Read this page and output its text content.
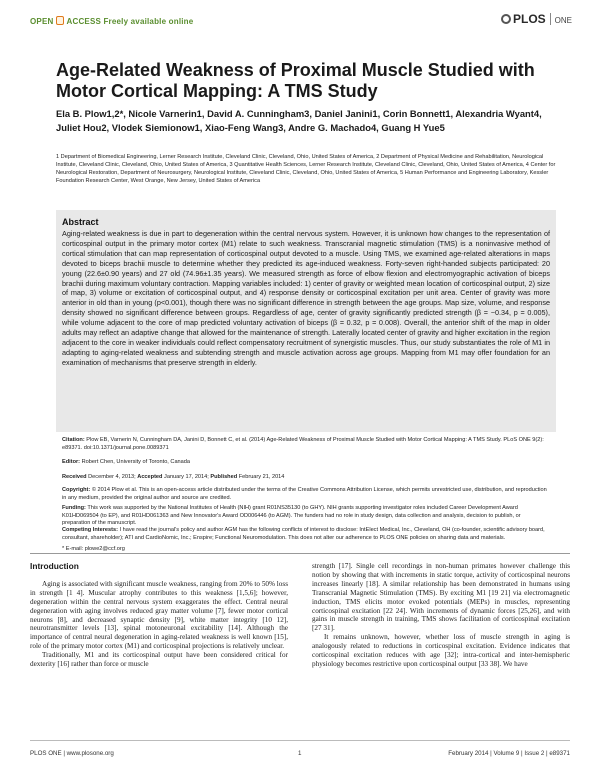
OPEN ACCESS Freely available online	PLOS ONE
Age-Related Weakness of Proximal Muscle Studied with Motor Cortical Mapping: A TMS Study
Ela B. Plow1,2*, Nicole Varnerin1, David A. Cunningham3, Daniel Janini1, Corin Bonnett1, Alexandria Wyant4, Juliet Hou2, Vlodek Siemionow1, Xiao-Feng Wang3, Andre G. Machado4, Guang H Yue5
1 Department of Biomedical Engineering, Lerner Research Institute, Cleveland Clinic, Cleveland, Ohio, United States of America, 2 Department of Physical Medicine and Rehabilitation, Neurological Institute, Cleveland Clinic, Cleveland, Ohio, United States of America, 3 Quantitative Health Sciences, Lerner Research Institute, Cleveland Clinic, Cleveland, Ohio, United States of America, 4 Center for Neurological Restoration, Department of Neurosurgery, Neurological Institute, Cleveland Clinic, Cleveland, Ohio, United States of America, 5 Human Performance and Engineering Laboratory, Kessler Foundation Research Center, West Orange, New Jersey, United States of America
Abstract
Aging-related weakness is due in part to degeneration within the central nervous system. However, it is unknown how changes to the representation of corticospinal output in the primary motor cortex (M1) relate to such weakness. Transcranial magnetic stimulation (TMS) is a noninvasive method of cortical stimulation that can map representation of corticospinal output devoted to a muscle. Using TMS, we examined age-related alterations in maps devoted to biceps brachii muscle to determine whether they predicted its age-induced weakness. Forty-seven right-handed subjects participated: 20 young (22.6±0.90 years) and 27 old (74.96±1.35 years). We measured strength as force of elbow flexion and electromyographic activation of biceps brachii during maximum voluntary contraction. Mapping variables included: 1) center of gravity or weighted mean location of corticospinal output, 2) size of map, 3) volume or excitation of corticospinal output, and 4) response density or corticospinal excitation per unit area. Center of gravity was more anterior in old than in young (p<0.001), though there was no significant difference in strength between the age groups. Map size, volume, and response density showed no significant difference between groups. Regardless of age, center of gravity significantly predicted strength (β = −0.34, p = 0.005), while volume adjacent to the core of map predicted voluntary activation of biceps (β = 0.32, p = 0.008). Overall, the anterior shift of the map in older adults may reflect an adaptive change that allowed for the maintenance of strength. Laterally located center of gravity and higher excitation in the region adjacent to the core in weaker individuals could reflect compensatory recruitment of synergistic muscles. Thus, our study substantiates the role of M1 in adapting to aging-related weakness and subtending strength and muscle activation across age groups. Mapping from M1 may offer foundation for an examination of mechanisms that preserve strength in elderly.
Citation: Plow EB, Varnerin N, Cunningham DA, Janini D, Bonnett C, et al. (2014) Age-Related Weakness of Proximal Muscle Studied with Motor Cortical Mapping: A TMS Study. PLoS ONE 9(2): e89371. doi:10.1371/journal.pone.0089371
Editor: Robert Chen, University of Toronto, Canada
Received December 4, 2013; Accepted January 17, 2014; Published February 21, 2014
Copyright: © 2014 Plow et al. This is an open-access article distributed under the terms of the Creative Commons Attribution License, which permits unrestricted use, distribution, and reproduction in any medium, provided the original author and source are credited.
Funding: This work was supported by the National Institutes of Health (NIH) grant R01NS35130 (to GHY). NIH grants supporting investigator roles included Career Development Award K01HD069504 (to EP), and R01HD061363 and New Innovator's Award OD006446 (to AGM). The funders had no role in study design, data collection and analysis, decision to publish, or preparation of the manuscript.
Competing Interests: I have read the journal's policy and author AGM has the following conflicts of interest to disclose: IntElect Medical, Inc., Cleveland, OH (co-founder, scientific advisory board, consultant, shareholder); ATI and CardioNomic, Inc.; Enspire; Functional Neuromodulation. This does not alter our adherence to PLOS ONE policies on sharing data and materials.
* E-mail: plowe2@ccf.org
Introduction

Aging is associated with significant muscle weakness, ranging from 20% to 50% loss in strength [1 4]. Muscular atrophy contributes to this weakness [1,5,6]; however, degeneration within the central nervous system exaggerates the effect. Central neural degeneration with aging involves reduced gray matter volume [7], fewer motor cortical neurons [8], and decreased synaptic density [9], white matter integrity [10 12], neurotransmitter levels [13], spinal motoneuronal excitability [14]. Although the importance of central neural degeneration in aging-related weakness is well known [15], role of the primary motor cortex (M1) and corticospinal projections is relatively unclear.

Traditionally, M1 and its corticospinal output have been considered critical for dexterity [16] rather than force or muscle

strength [17]. Single cell recordings in non-human primates however challenge this notion by showing that with increments in static torque, activity of corticospinal neurons increases linearly [18]. A similar relationship has been demonstrated in humans using Transcranial Magnetic Stimulation (TMS). By exciting M1 [19 21] via electromagnetic induction, TMS elicits motor evoked potentials (MEPs) in muscles, representing corticospinal excitation [22 24]. With increments of dynamic forces [25,26], and with gains in muscle strength in training, TMS shows facilitation of corticospinal excitation [27 31].

It remains unknown, however, whether loss of muscle strength in aging is analogously related to reductions in corticospinal excitation. Evidence indicates that corticospinal excitation reduces with age [32]; intra-cortical and inter-hemispheric physiology becomes restrictive upon corticospinal output [33 38]. We have

PLOS ONE | www.plosone.org	1	February 2014 | Volume 9 | Issue 2 | e89371
